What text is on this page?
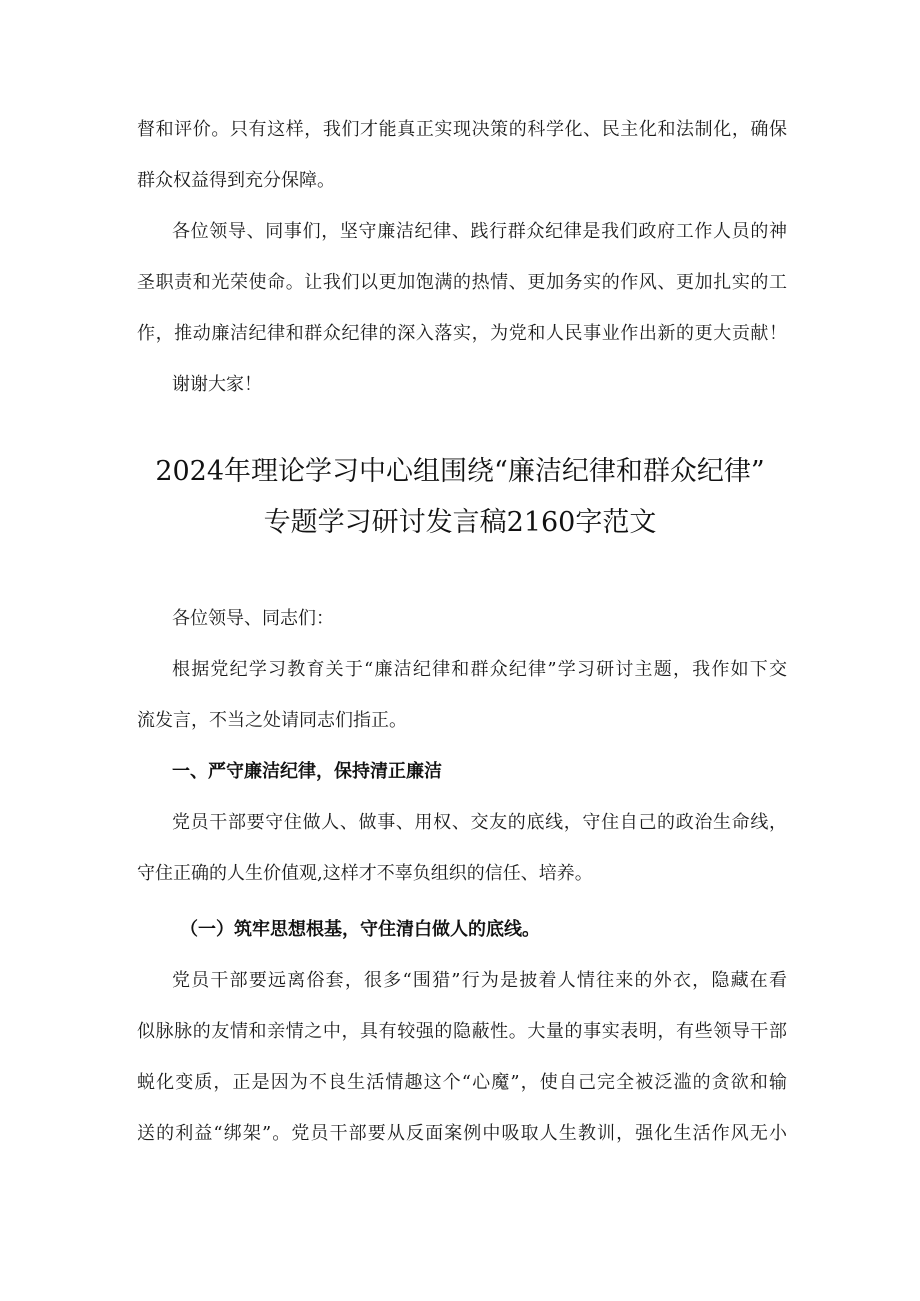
督和评价。只有这样，我们才能真正实现决策的科学化、民主化和法制化，确保
群众权益得到充分保障。
各位领导、同事们，坚守廉洁纪律、践行群众纪律是我们政府工作人员的神
圣职责和光荣使命。让我们以更加饱满的热情、更加务实的作风、更加扎实的工
作，推动廉洁纪律和群众纪律的深入落实，为党和人民事业作出新的更大贡献！
谢谢大家！
2024年理论学习中心组围绕“廉洁纪律和群众纪律”
专题学习研讨发言稿2160字范文
各位领导、同志们：
根据党纪学习教育关于“廉洁纪律和群众纪律”学习研讨主题，我作如下交
流发言，不当之处请同志们指正。
一、严守廉洁纪律，保持清正廉洁
党员干部要守住做人、做事、用权、交友的底线，守住自己的政治生命线，
守住正确的人生价值观,这样才不辜负组织的信任、培养。
（一）筑牢思想根基，守住清白做人的底线。
党员干部要远离俗套，很多“围猎”行为是披着人情往来的外衣，隐藏在看
似脉脉的友情和亲情之中，具有较强的隐蔽性。大量的事实表明，有些领导干部
蜕化变质，正是因为不良生活情趣这个“心魔”，使自己完全被泛滥的贪欲和输
送的利益“绑架”。党员干部要从反面案例中吸取人生教训，强化生活作风无小
